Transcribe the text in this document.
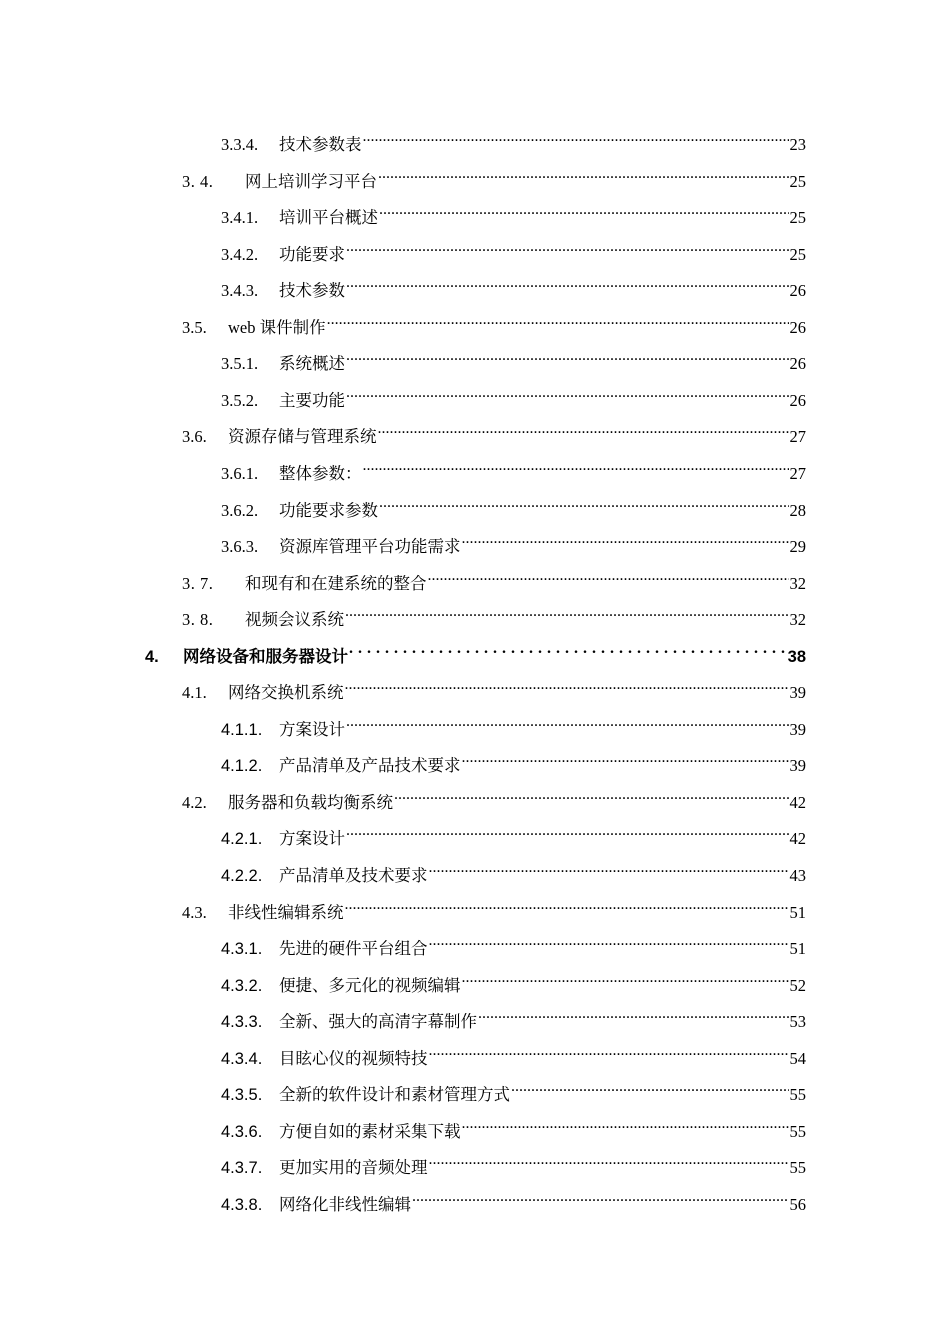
3.3.4.	技术参数表 .....	23
3. 4.	网上培训学习平台 .....	25
3.4.1.	培训平台概述 .....	25
3.4.2.	功能要求 .....	25
3.4.3.	技术参数 .....	26
3.5.	web 课件制作 .....	26
3.5.1.	系统概述 .....	26
3.5.2.	主要功能 .....	26
3.6.	资源存储与管理系统 .....	27
3.6.1.	整体参数： .....	27
3.6.2.	功能要求参数 .....	28
3.6.3.	资源库管理平台功能需求 .....	29
3. 7.	和现有和在建系统的整合 .....	32
3. 8.	视频会议系统 .....	32
4.	网络设备和服务器设计 . . .	38
4.1.	网络交换机系统 .....	39
4.1.1.	方案设计 .....	39
4.1.2.	产品清单及产品技术要求 .....	39
4.2.	服务器和负载均衡系统 .....	42
4.2.1.	方案设计 .....	42
4.2.2.	产品清单及技术要求 .....	43
4.3.	非线性编辑系统 .....	51
4.3.1.	先进的硬件平台组合 .....	51
4.3.2.	便捷、多元化的视频编辑 .....	52
4.3.3.	全新、强大的高清字幕制作 .....	53
4.3.4.	目眩心仪的视频特技 .....	54
4.3.5.	全新的软件设计和素材管理方式 .....	55
4.3.6.	方便自如的素材采集下载 .....	55
4.3.7.	更加实用的音频处理 .....	55
4.3.8.	网络化非线性编辑 .....	56
